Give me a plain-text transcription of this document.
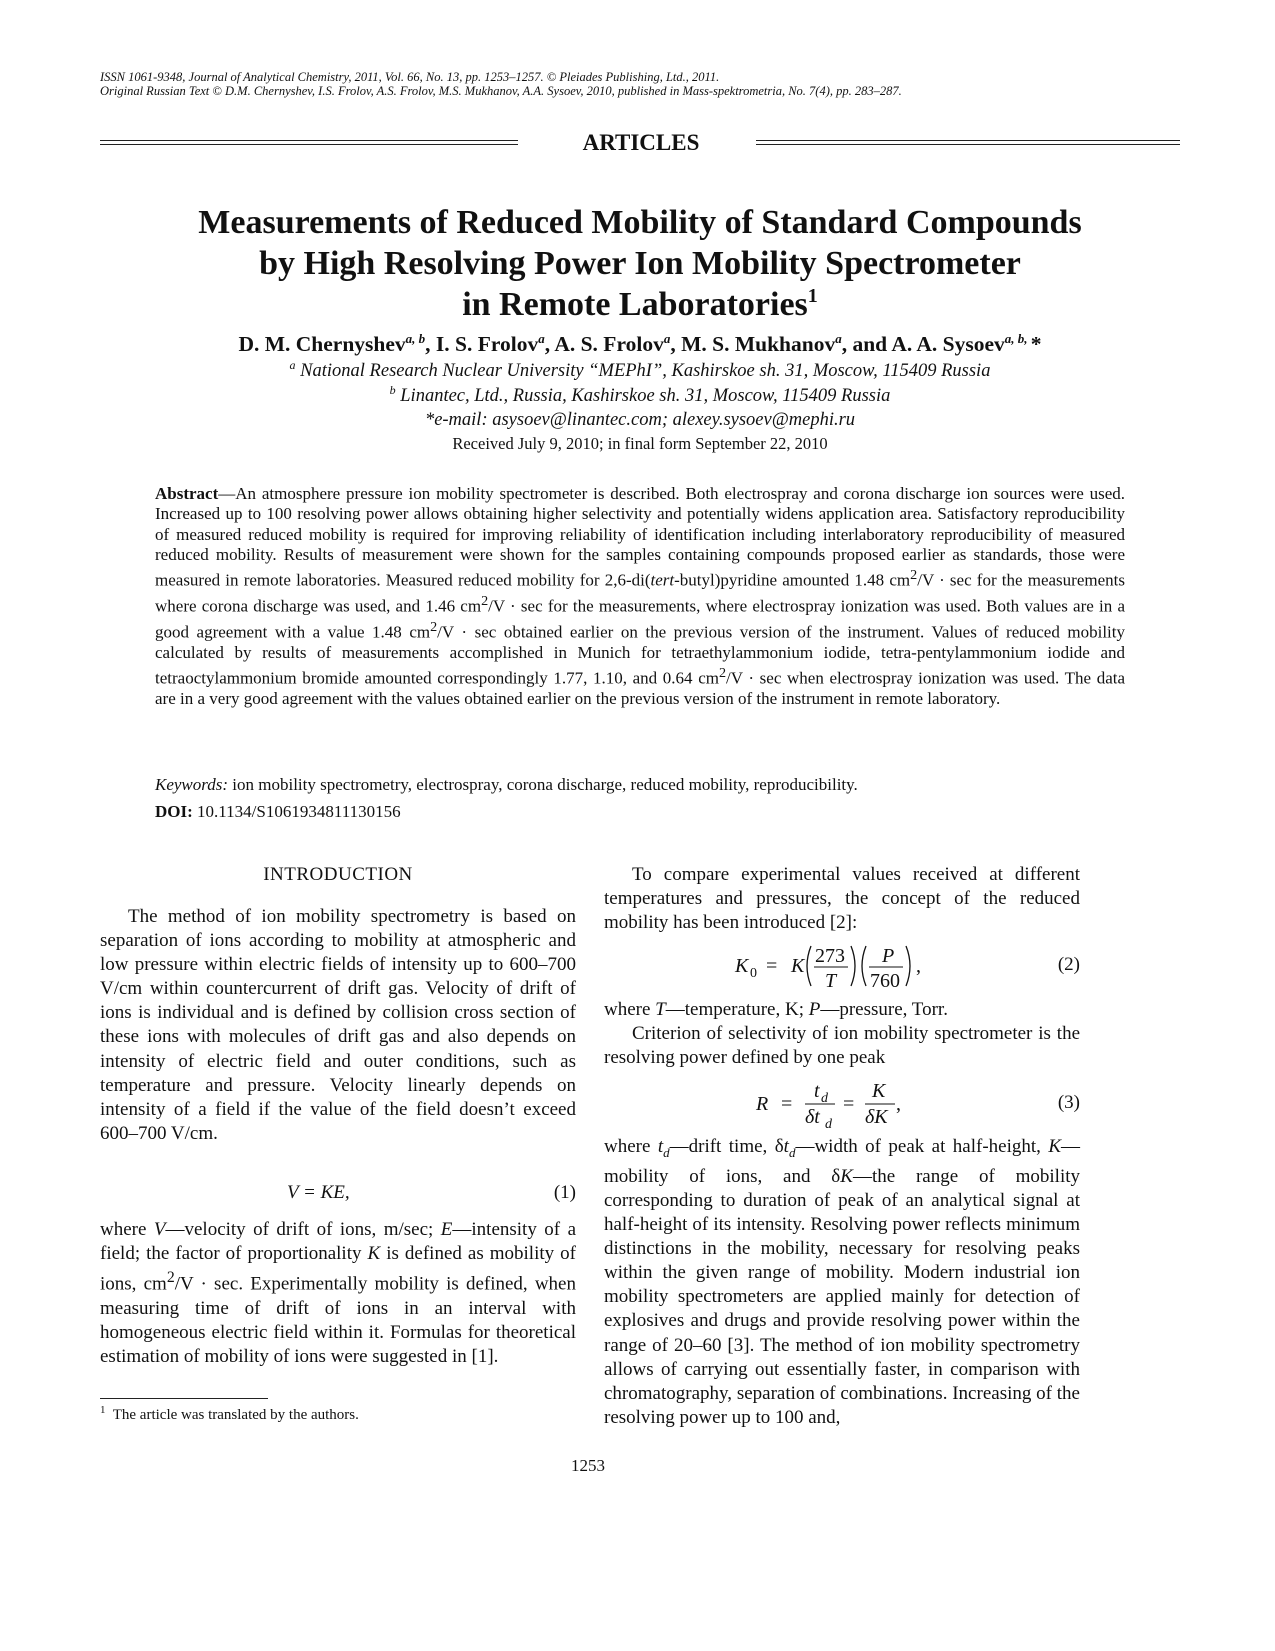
ISSN 1061-9348, Journal of Analytical Chemistry, 2011, Vol. 66, No. 13, pp. 1253–1257. © Pleiades Publishing, Ltd., 2011.
Original Russian Text © D.M. Chernyshev, I.S. Frolov, A.S. Frolov, M.S. Mukhanov, A.A. Sysoev, 2010, published in Mass-spektrometria, No. 7(4), pp. 283–287.
ARTICLES
Measurements of Reduced Mobility of Standard Compounds
by High Resolving Power Ion Mobility Spectrometer
in Remote Laboratories$^1$
D. M. Chernyshev$^{a, b}$, I. S. Frolov$^a$, A. S. Frolov$^a$, M. S. Mukhanov$^a$, and A. A. Sysoev$^{a, b,}$ *
$^a$ National Research Nuclear University “MEPhI”, Kashirskoe sh. 31, Moscow, 115409 Russia
$^b$ Linantec, Ltd., Russia, Kashirskoe sh. 31, Moscow, 115409 Russia
*e-mail: asysoev@linantec.com; alexey.sysoev@mephi.ru
Received July 9, 2010; in final form September 22, 2010
Abstract—An atmosphere pressure ion mobility spectrometer is described. Both electrospray and corona discharge ion sources were used. Increased up to 100 resolving power allows obtaining higher selectivity and potentially widens application area. Satisfactory reproducibility of measured reduced mobility is required for improving reliability of identification including interlaboratory reproducibility of measured reduced mobility. Results of measurement were shown for the samples containing compounds proposed earlier as standards, those were measured in remote laboratories. Measured reduced mobility for 2,6-di(tert-butyl)pyridine amounted 1.48 $cm^2/V \cdot \sec$ for the measurements where corona discharge was used, and 1.46 $cm^2/V \cdot \sec$ for the measurements, where electrospray ionization was used. Both values are in a good agreement with a value 1.48 $cm^2/V \cdot \sec$ obtained earlier on the previous version of the instrument. Values of reduced mobility calculated by results of measurements accomplished in Munich for tetraethylammonium iodide, tetra-pentylammonium iodide and tetraoctylammonium bromide amounted correspondingly 1.77, 1.10, and 0.64 $cm^2/V \cdot \sec$ when electrospray ionization was used. The data are in a very good agreement with the values obtained earlier on the previous version of the instrument in remote laboratory.
Keywords: ion mobility spectrometry, electrospray, corona discharge, reduced mobility, reproducibility.
DOI: 10.1134/S1061934811130156
INTRODUCTION

The method of ion mobility spectrometry is based on separation of ions according to mobility at atmospheric and low pressure within electric fields of intensity up to 600–700 V/cm within countercurrent of drift gas. Velocity of drift of ions is individual and is defined by collision cross section of these ions with molecules of drift gas and also depends on intensity of electric field and outer conditions, such as temperature and pressure. Velocity linearly depends on intensity of a field if the value of the field doesn’t exceed 600–700 V/cm.

V = KE,	(1)

where V—velocity of drift of ions, m/sec; E—intensity of a field; the factor of proportionality K is defined as mobility of ions, $cm^2/V \cdot \sec$. Experimentally mobility is defined, when measuring time of drift of ions in an interval with homogeneous electric field within it. Formulas for theoretical estimation of mobility of ions were suggested in [1].

$^1$ The article was translated by the authors.

To compare experimental values received at different temperatures and pressures, the concept of the reduced mobility has been introduced [2]:

K 0 = K 273
T
P
760
,	(2)

where T—temperature, K; P—pressure, Torr.

Criterion of selectivity of ion mobility spectrometer is the resolving power defined by one peak

R =
t d
δt d
=
K
δK
,	(3)

where $t_d—drift$ time, $\delta t_d—width$ of peak at half-height, K—mobility of ions, and δK—the range of mobility corresponding to duration of peak of an analytical signal at half-height of its intensity. Resolving power reflects minimum distinctions in the mobility, necessary for resolving peaks within the given range of mobility. Modern industrial ion mobility spectrometers are applied mainly for detection of explosives and drugs and provide resolving power within the range of 20–60 [3]. The method of ion mobility spectrometry allows of carrying out essentially faster, in comparison with chromatography, separation of combinations. Increasing of the resolving power up to 100 and,

1253
